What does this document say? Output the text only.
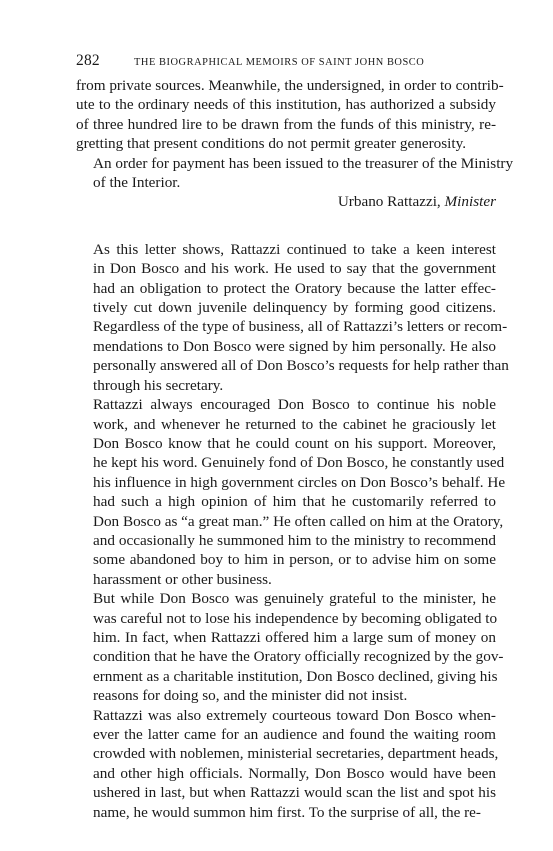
282	THE BIOGRAPHICAL MEMOIRS OF SAINT JOHN BOSCO

from private sources. Meanwhile, the undersigned, in order to contrib-
ute to the ordinary needs of this institution, has authorized a subsidy
of three hundred lire to be drawn from the funds of this ministry, re-
gretting that present conditions do not permit greater generosity.

An order for payment has been issued to the treasurer of the Ministry
of the Interior.

Urbano Rattazzi, Minister

As this letter shows, Rattazzi continued to take a keen interest
in Don Bosco and his work. He used to say that the government
had an obligation to protect the Oratory because the latter effec-
tively cut down juvenile delinquency by forming good citizens.
Regardless of the type of business, all of Rattazzi’s letters or recom-
mendations to Don Bosco were signed by him personally. He also
personally answered all of Don Bosco’s requests for help rather than
through his secretary.

Rattazzi always encouraged Don Bosco to continue his noble
work, and whenever he returned to the cabinet he graciously let
Don Bosco know that he could count on his support. Moreover,
he kept his word. Genuinely fond of Don Bosco, he constantly used
his influence in high government circles on Don Bosco’s behalf. He
had such a high opinion of him that he customarily referred to
Don Bosco as “a great man.” He often called on him at the Oratory,
and occasionally he summoned him to the ministry to recommend
some abandoned boy to him in person, or to advise him on some
harassment or other business.

But while Don Bosco was genuinely grateful to the minister, he
was careful not to lose his independence by becoming obligated to
him. In fact, when Rattazzi offered him a large sum of money on
condition that he have the Oratory officially recognized by the gov-
ernment as a charitable institution, Don Bosco declined, giving his
reasons for doing so, and the minister did not insist.

Rattazzi was also extremely courteous toward Don Bosco when-
ever the latter came for an audience and found the waiting room
crowded with noblemen, ministerial secretaries, department heads,
and other high officials. Normally, Don Bosco would have been
ushered in last, but when Rattazzi would scan the list and spot his
name, he would summon him first. To the surprise of all, the re-
